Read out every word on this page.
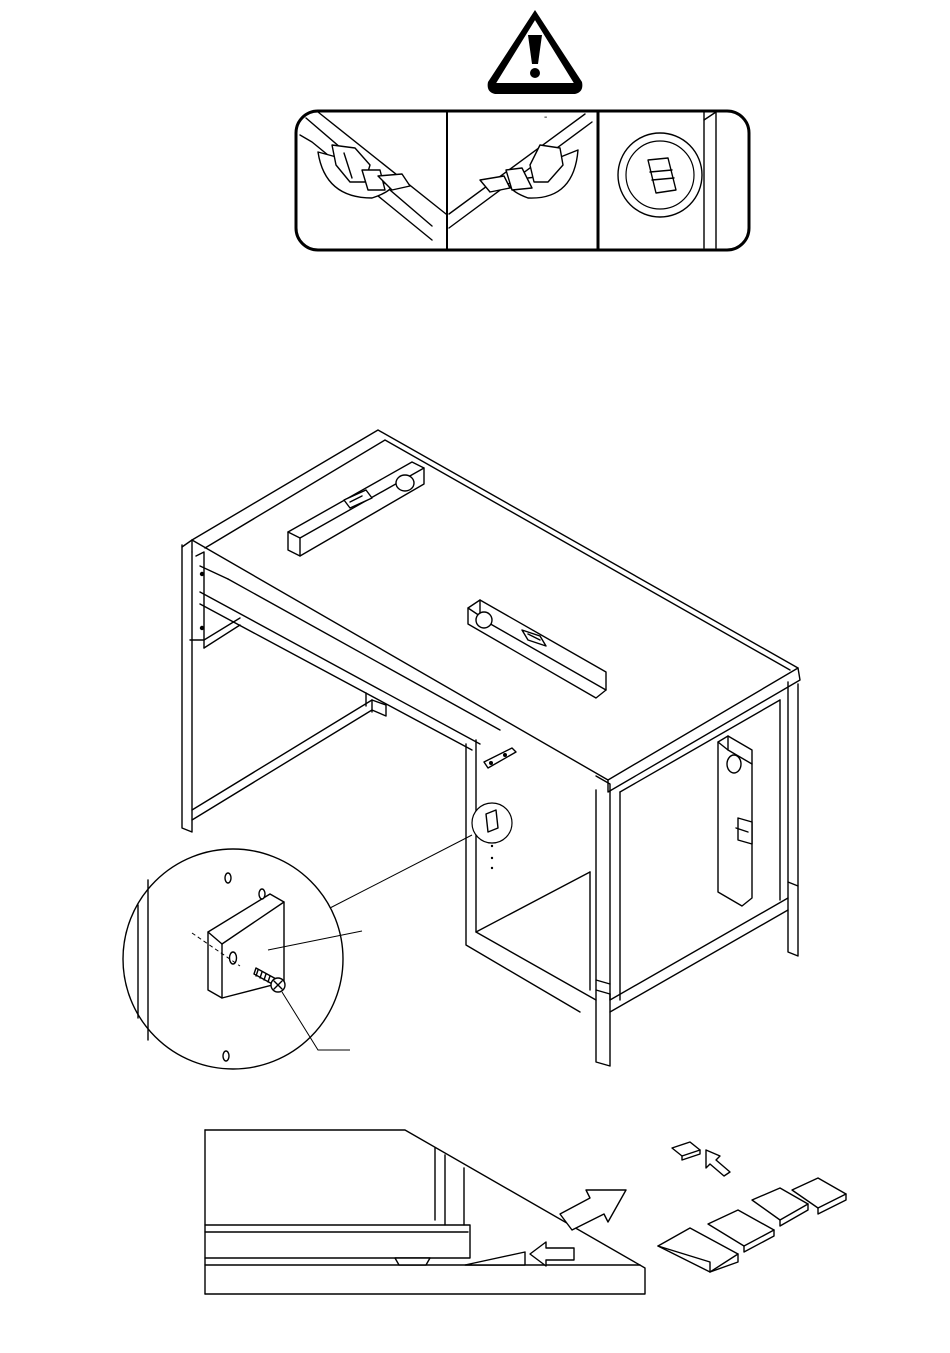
-
